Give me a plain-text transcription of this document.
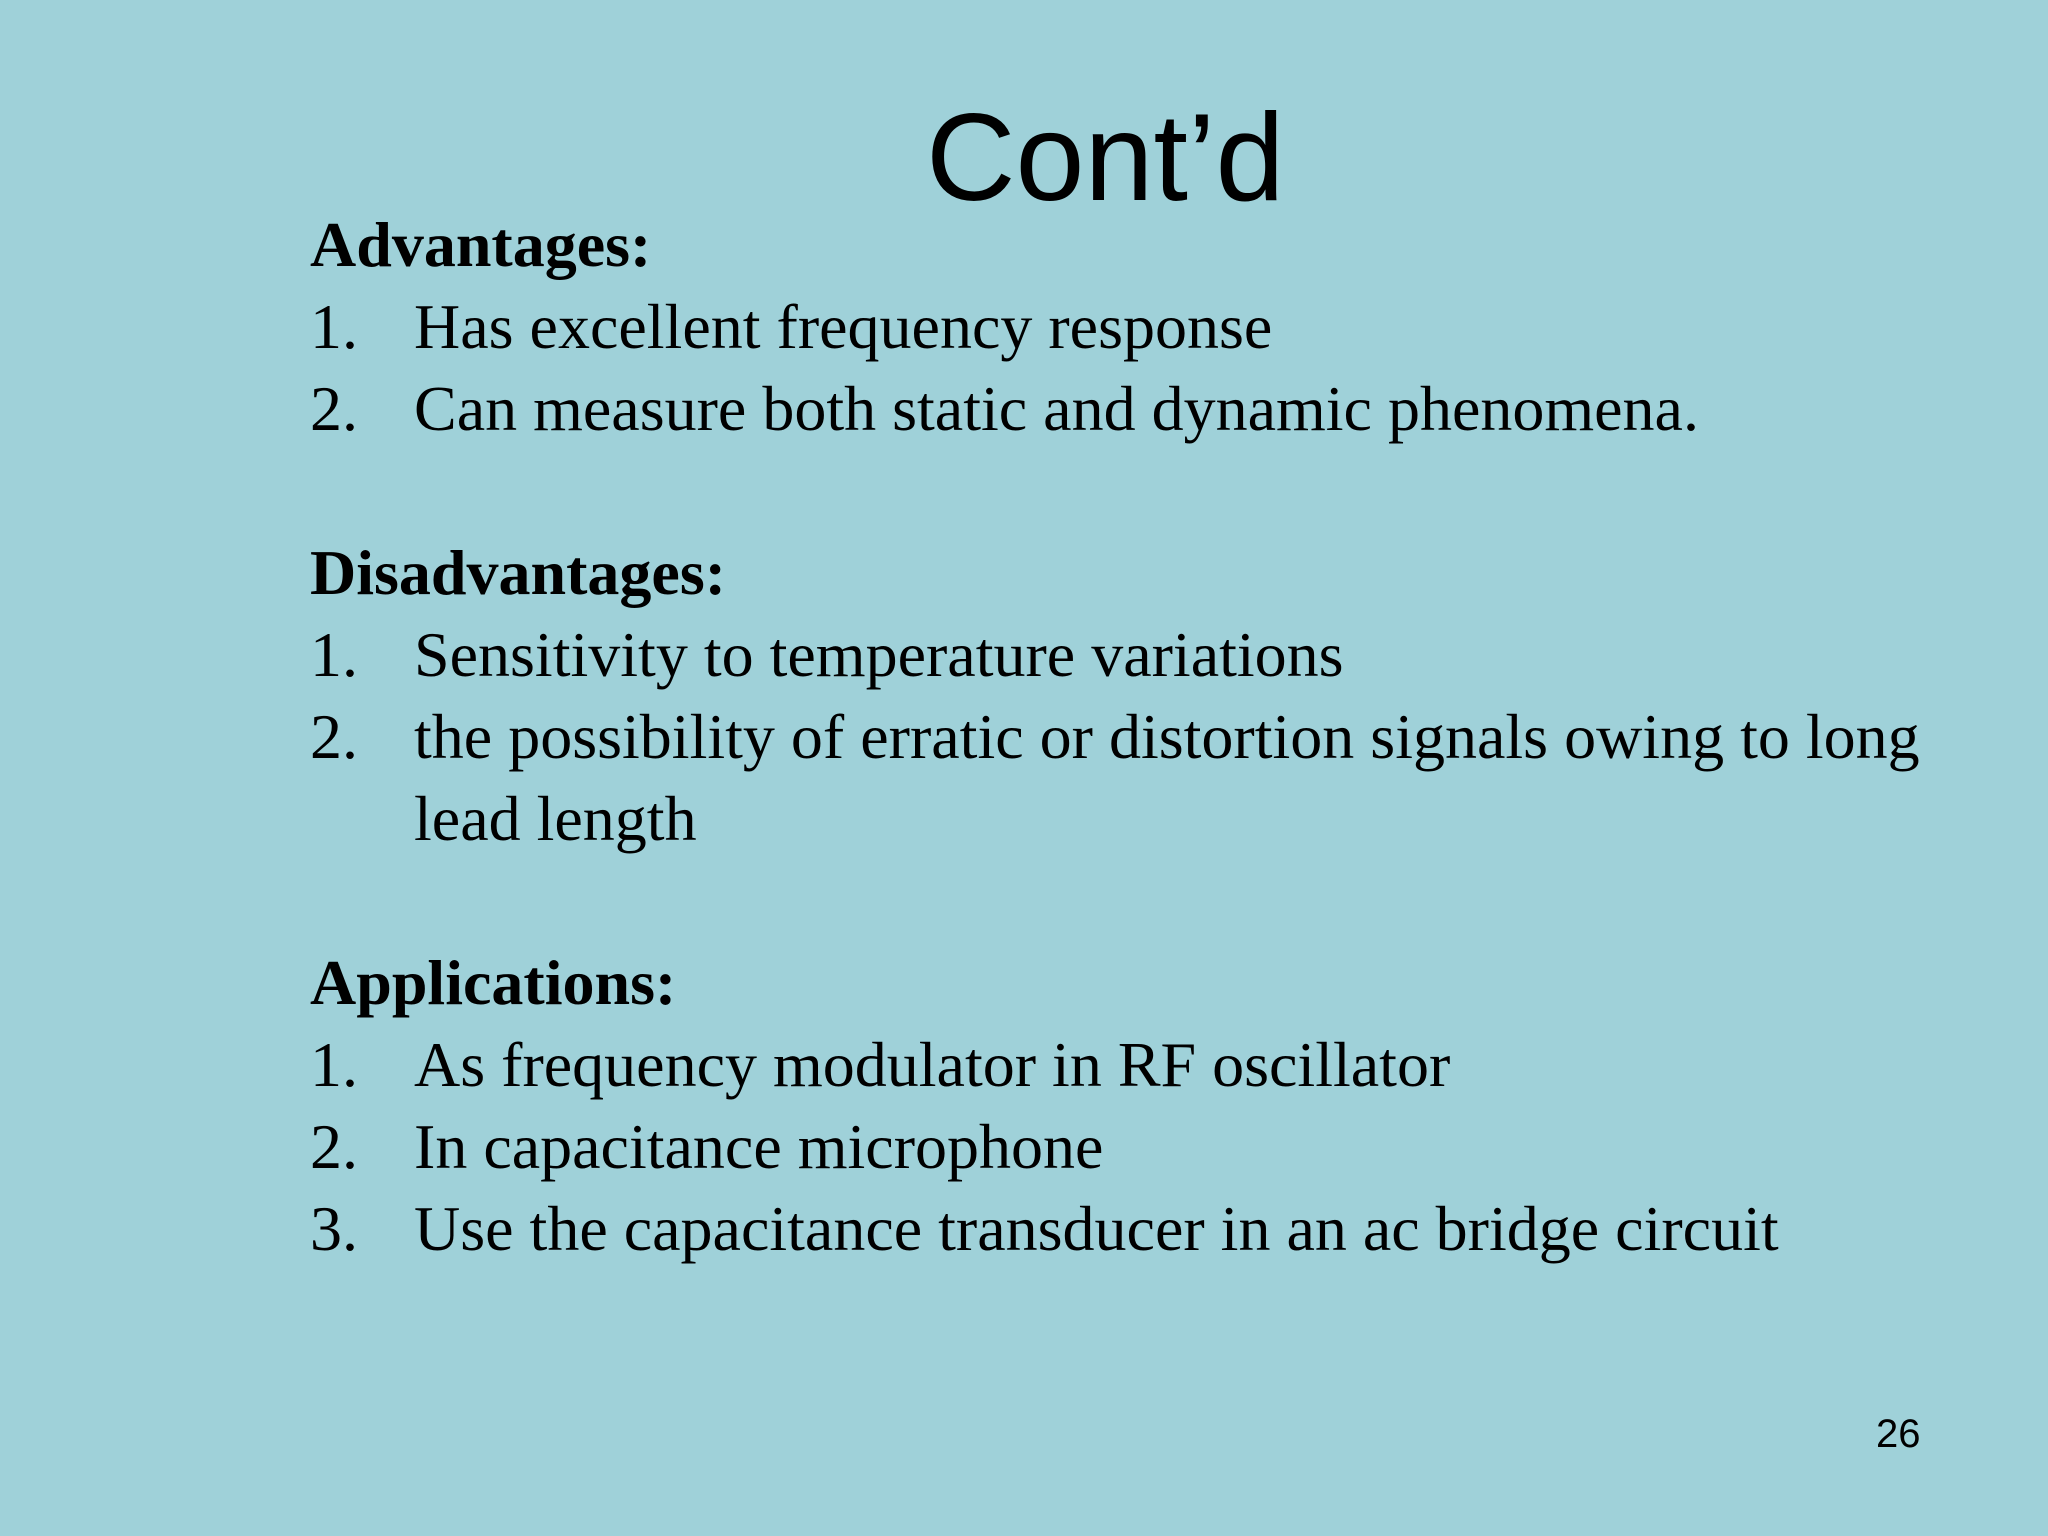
Cont’d

Advantages:

1. Has excellent frequency response
2. Can measure both static and dynamic phenomena.

Disadvantages:

1. Sensitivity to temperature variations
2. the possibility of erratic or distortion signals owing to long lead length

Applications:

1. As frequency modulator in RF oscillator
2. In capacitance microphone
3. Use the capacitance transducer in an ac bridge circuit
26
